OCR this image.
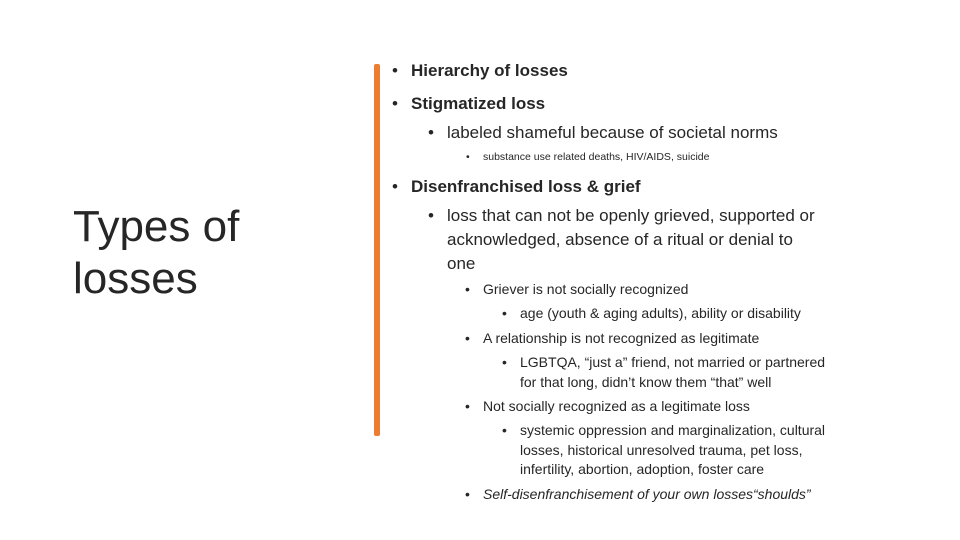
Types of
losses
• Hierarchy of losses
• Stigmatized loss
• labeled shameful because of societal norms
• substance use related deaths, HIV/AIDS, suicide
• Disenfranchised loss & grief
• loss that can not be openly grieved, supported or
acknowledged, absence of a ritual or denial to
one
• Griever is not socially recognized
• age (youth & aging adults), ability or disability
• A relationship is not recognized as legitimate
• LGBTQA, “just a” friend, not married or partnered
for that long, didn’t know them “that” well
• Not socially recognized as a legitimate loss
• systemic oppression and marginalization, cultural
losses, historical unresolved trauma, pet loss,
infertility, abortion, adoption, foster care
• Self-disenfranchisement of your own losses“shoulds”
